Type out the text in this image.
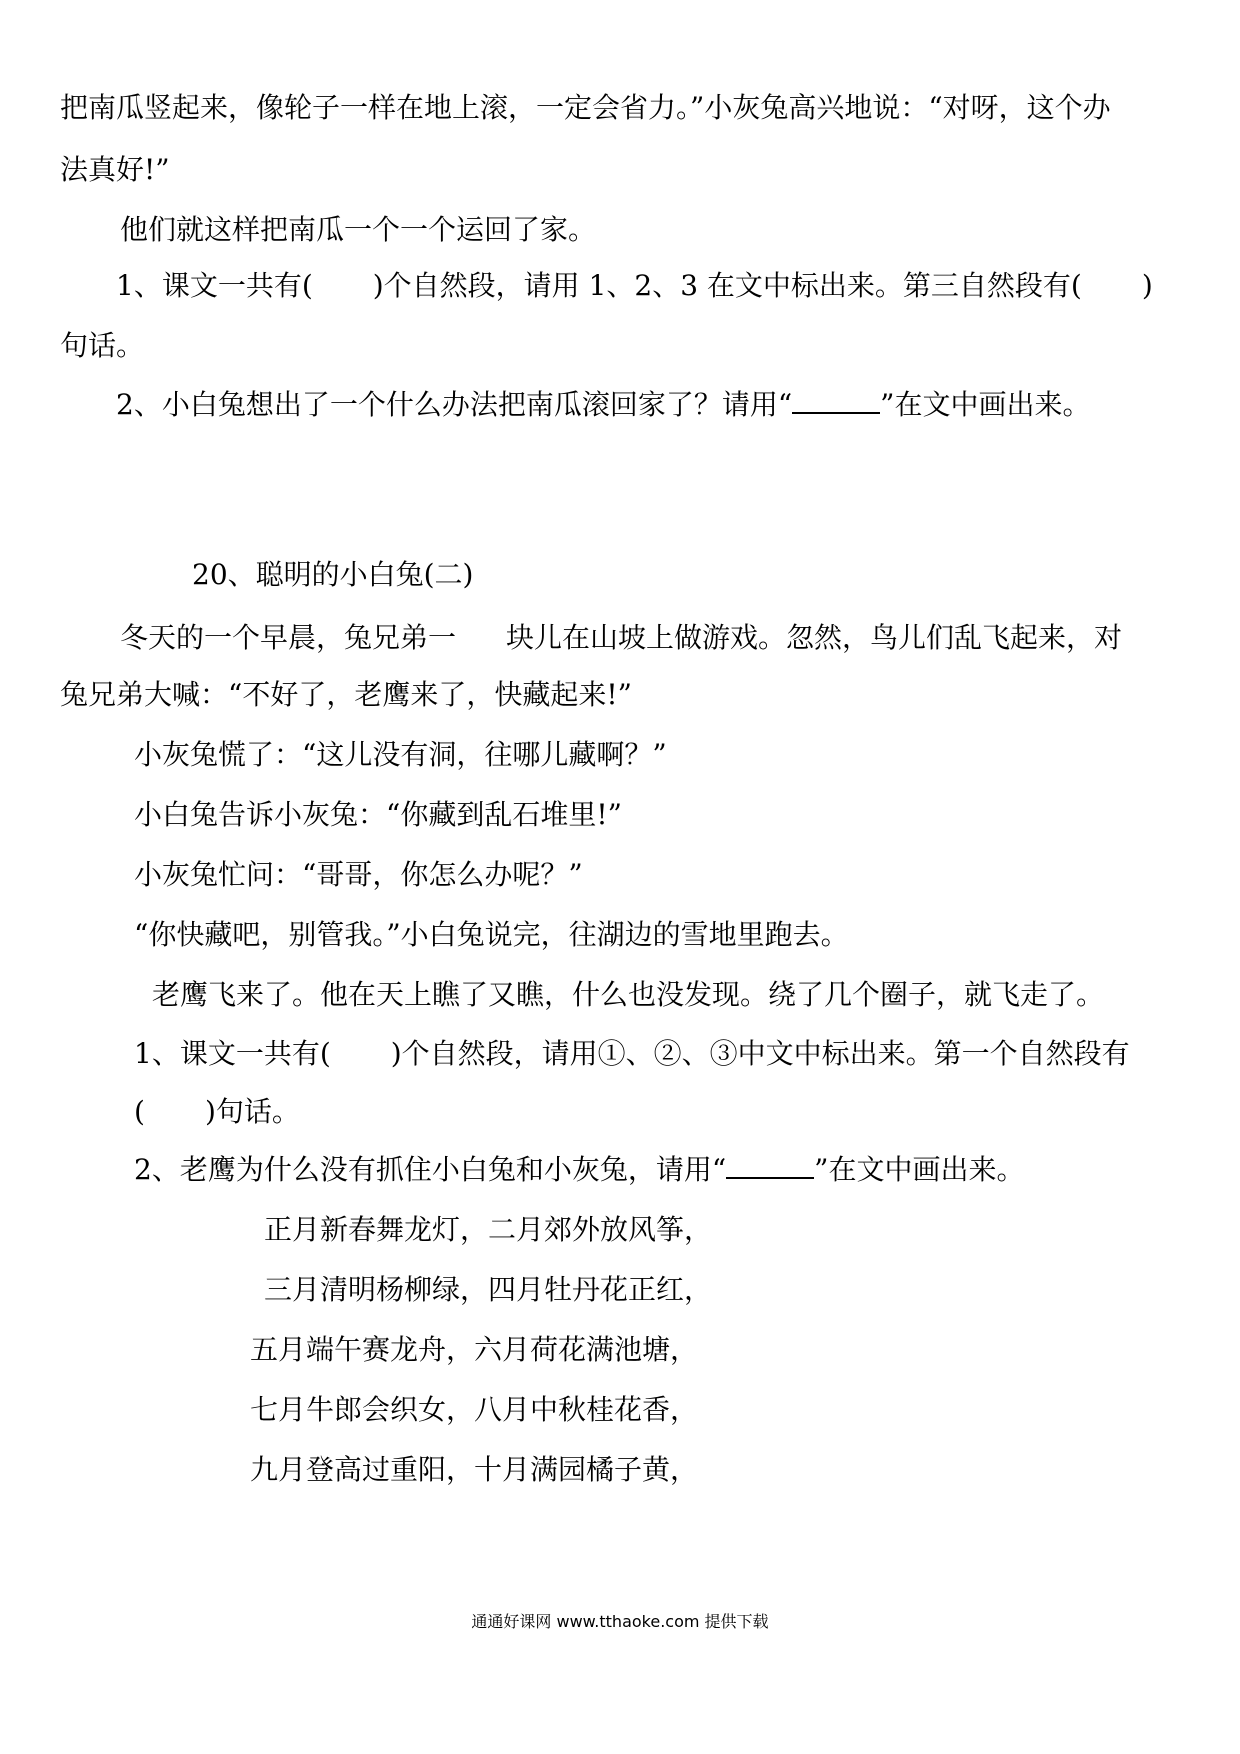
把南瓜竖起来，像轮子一样在地上滚，一定会省力。”小灰兔高兴地说：“对呀，这个办
法真好!”
他们就这样把南瓜一个一个运回了家。
1、课文一共有( )个自然段，请用 1、2、3 在文中标出来。第三自然段有( )
句话。
2、小白兔想出了一个什么办法把南瓜滚回家了？请用“	”在文中画出来。
20、聪明的小白兔(二)
冬天的一个早晨，兔兄弟一 块儿在山坡上做游戏。忽然，鸟儿们乱飞起来，对
兔兄弟大喊：“不好了，老鹰来了，快藏起来!”
小灰兔慌了：“这儿没有洞，往哪儿藏啊？”
小白兔告诉小灰兔：“你藏到乱石堆里!”
小灰兔忙问：“哥哥，你怎么办呢？”
“你快藏吧，别管我。”小白兔说完，往湖边的雪地里跑去。
老鹰飞来了。他在天上瞧了又瞧，什么也没发现。绕了几个圈子，就飞走了。
1、课文一共有( )个自然段，请用①、②、③中文中标出来。第一个自然段有
( )句话。
2、老鹰为什么没有抓住小白兔和小灰兔，请用“	”在文中画出来。
正月新春舞龙灯，二月郊外放风筝，
三月清明杨柳绿，四月牡丹花正红，
五月端午赛龙舟，六月荷花满池塘，
七月牛郎会织女，八月中秋桂花香，
九月登高过重阳，十月满园橘子黄，
通通好课网 www.tthaoke.com 提供下载
